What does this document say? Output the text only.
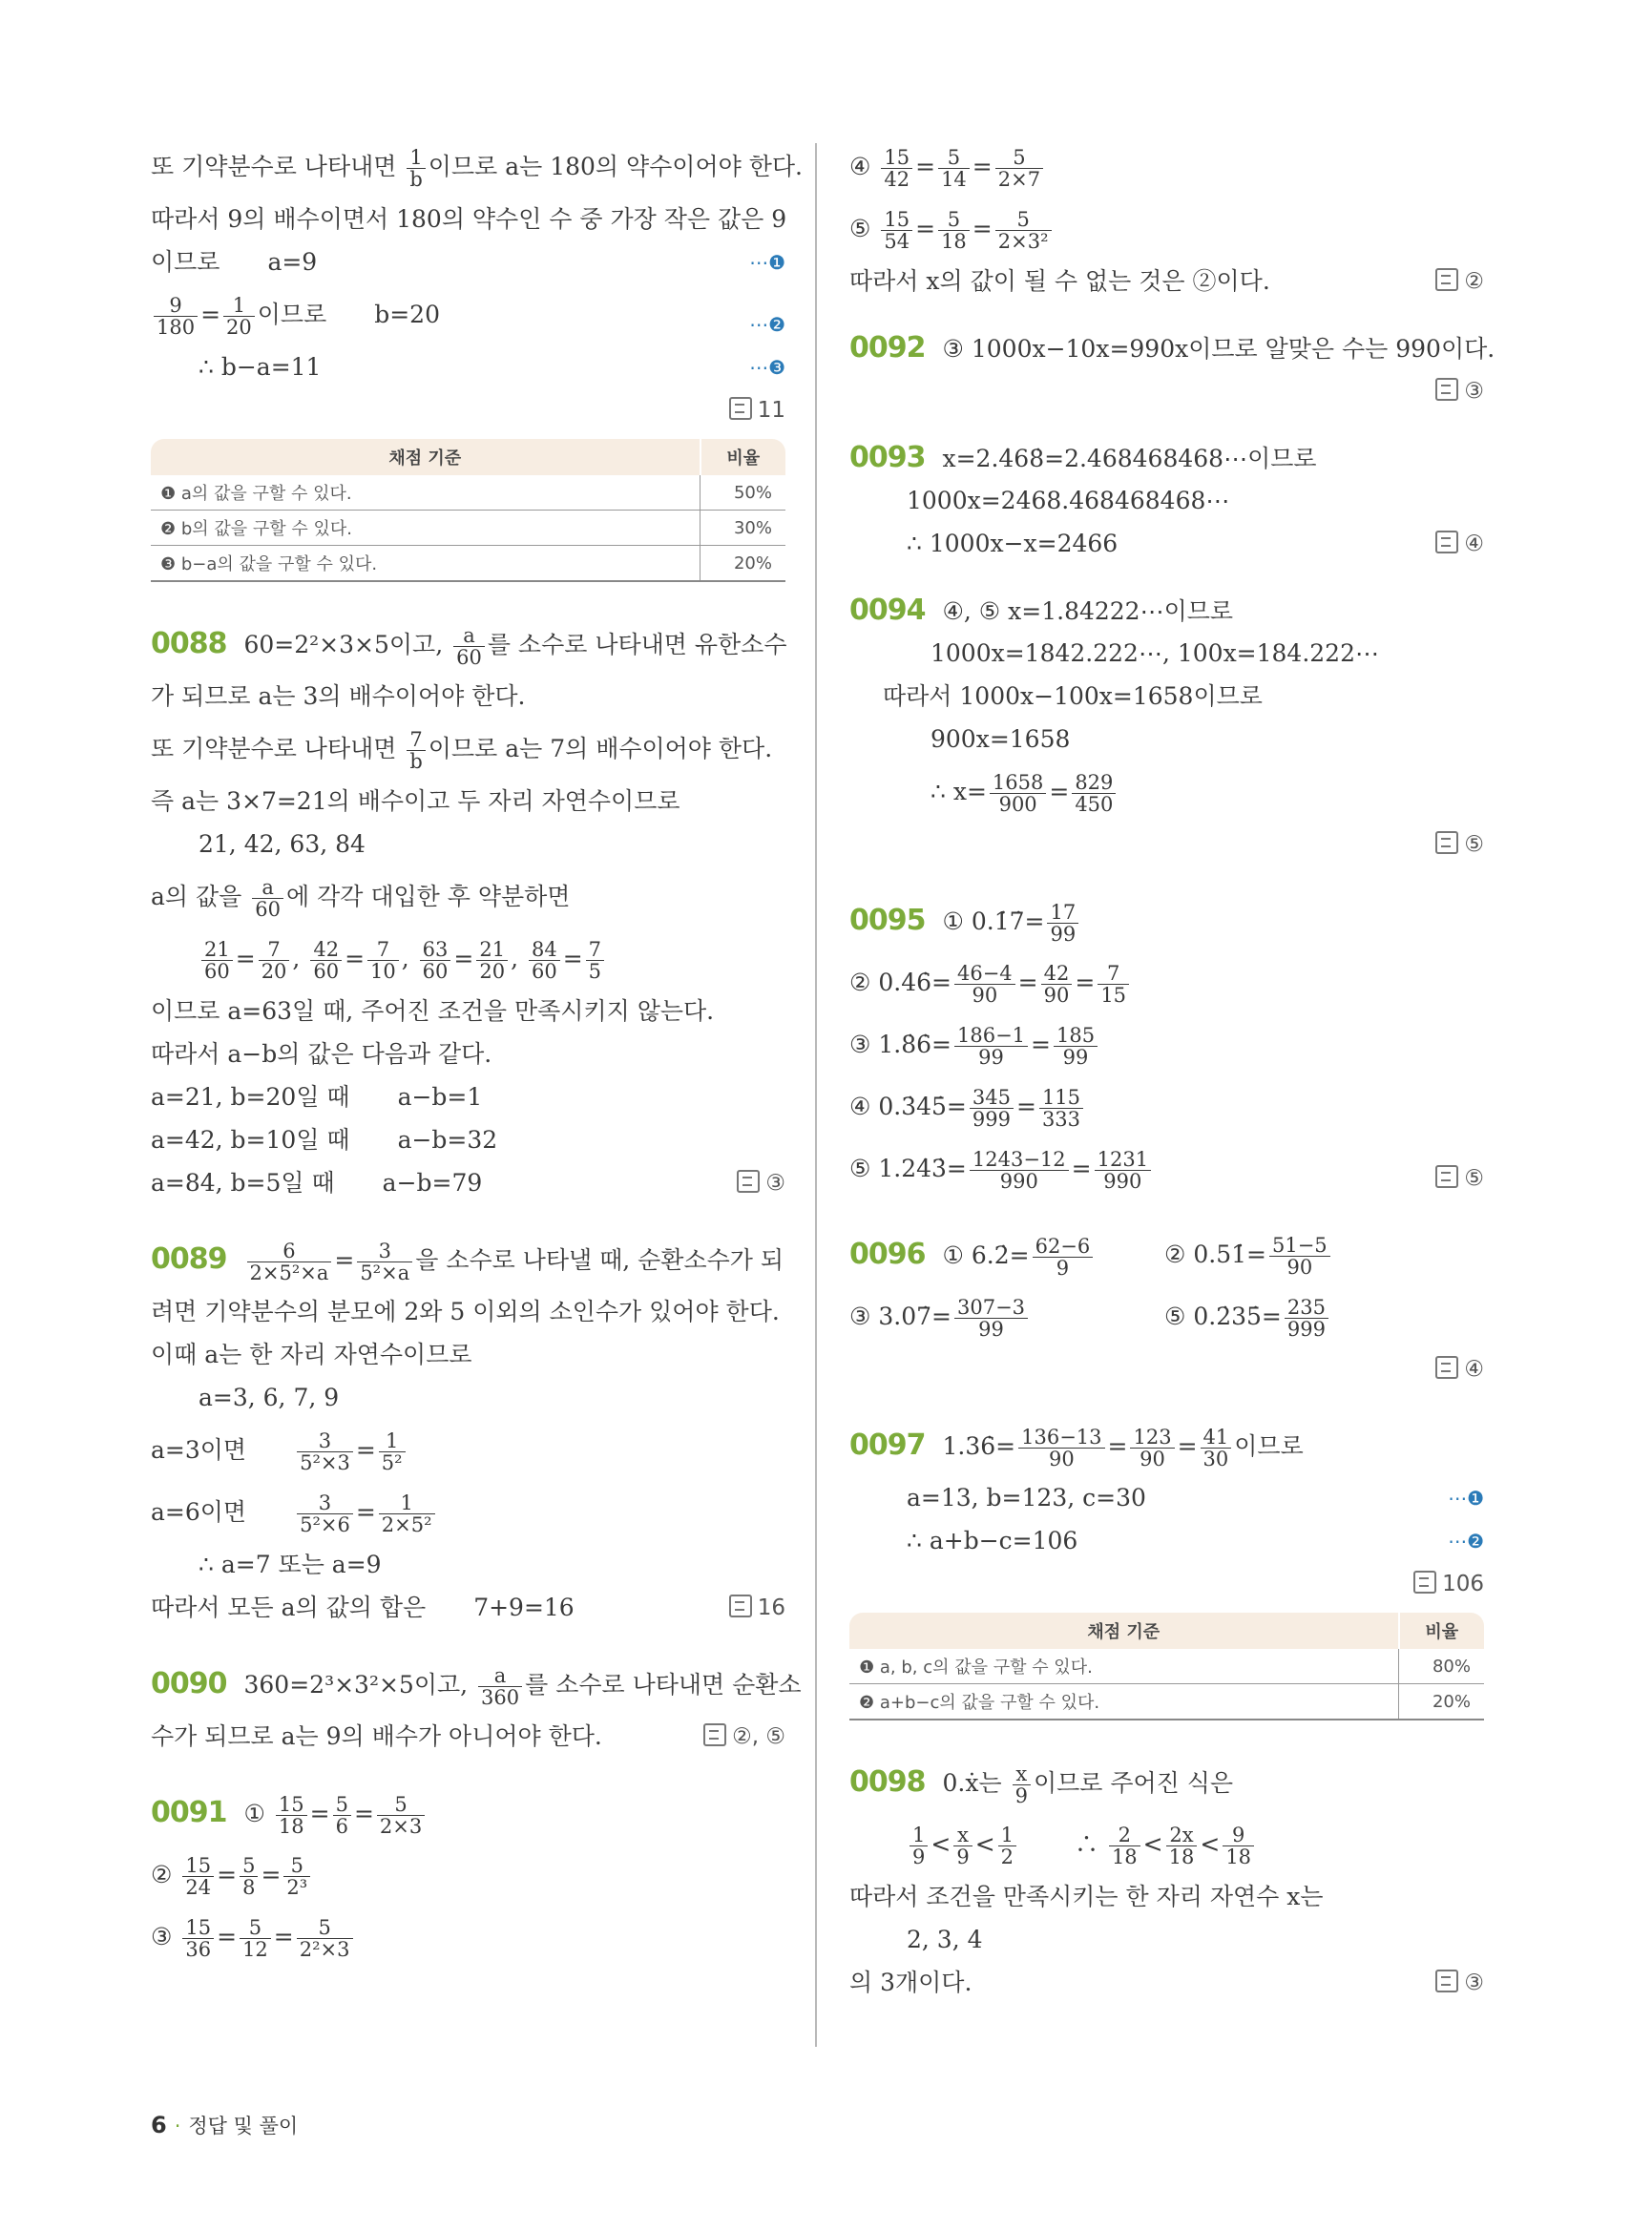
또 기약분수로 나타내면 $\frac{1}{b}$ 이므로 a는 180의 약수이어야 한다.
따라서 9의 배수이면서 180의 약수인 수 중 가장 작은 값은 9
이므로　　a=9	⋯❶
$\frac{9}{180} = \frac{1}{20}$ 이므로　　b=20	⋯❷
∴ b−a=11	⋯❸
11
채점 기준	비율
❶ a의 값을 구할 수 있다.	50%
❷ b의 값을 구할 수 있다.	30%
❸ b−a의 값을 구할 수 있다.	20%
0088 60=2²×3×5이고, $\frac{a}{60}$ 를 소수로 나타내면 유한소수
가 되므로 a는 3의 배수이어야 한다.
또 기약분수로 나타내면 $\frac{7}{b}$ 이므로 a는 7의 배수이어야 한다.
즉 a는 3×7=21의 배수이고 두 자리 자연수이므로
21, 42, 63, 84
a의 값을 $\frac{a}{60}$ 에 각각 대입한 후 약분하면
$\frac{21}{60} = \frac{7}{20}$ , $\frac{42}{60} = \frac{7}{10}$ , $\frac{63}{60} = \frac{21}{20}$ , $\frac{84}{60} = \frac{7}{5}$
이므로 a=63일 때, 주어진 조건을 만족시키지 않는다.
따라서 a−b의 값은 다음과 같다.
a=21, b=20일 때　　a−b=1
a=42, b=10일 때　　a−b=32
a=84, b=5일 때　　a−b=79	③
$0089 \frac{6}{\text{2×5²×a}} = \frac{3}{\text{5²×a}}$ 을 소수로 나타낼 때, 순환소수가 되
려면 기약분수의 분모에 2와 5 이외의 소인수가 있어야 한다.
이때 a는 한 자리 자연수이므로
a=3, 6, 7, 9
a=3이면　　	$\frac{3}{\text{5²×3}} = \frac{1}{\text{5²}}$
a=6이면　　	$\frac{3}{\text{5²×6}} = \frac{1}{\text{2×5²}}$
∴ a=7 또는 a=9
따라서 모든 a의 값의 합은　　7+9=16	16
0090 360=2³×3²×5이고, $\frac{a}{360}$ 를 소수로 나타내면 순환소
수가 되므로 a는 9의 배수가 아니어야 한다.	②, ⑤
0091 ① $\frac{15}{18} = \frac{5}{6} = \frac{5}{2\times 3}$
② $\frac{15}{24} = \frac{5}{8} = \frac{5}{\text{2³}}$
③ $\frac{15}{36} = \frac{5}{12} = \frac{5}{\text{2²×3}}$
④ $\frac{15}{42} = \frac{5}{14} = \frac{5}{2\times 7}$
⑤ $\frac{15}{54} = \frac{5}{18} = \frac{5}{\text{2×3²}}$
따라서 x의 값이 될 수 없는 것은 ②이다.	②
0092 ③ 1000x−10x=990x이므로 알맞은 수는 990이다.
③
0093 x=2.4̇68̇=2.468468468⋯이므로
1000x=2468.468468468⋯
∴ 1000x−x=2466	④
0094 ④, ⑤ x=1.84222⋯이므로
1000x=1842.222⋯, 100x=184.222⋯
따라서 1000x−100x=1658이므로
900x=1658
∴ $x= \frac{1658}{900} = \frac{829}{450}$
⑤
0095 ① 0.1̇7̇= $\frac{17}{99}$
② 0.46̇= $\frac{46-4}{90} = \frac{42}{90} = \frac{7}{15}$
③ 1.8̇6̇= $\frac{186-1}{99} = \frac{185}{99}$
④ 0.3̇45̇= $\frac{345}{999} = \frac{115}{333}$
⑤ 1.24̇3̇= $\frac{1243-12}{990} = \frac{1231}{990}$	⑤
0096 ① 6.2̇= $\frac{62-6}{9}$	② 0.51̇= $\frac{51-5}{90}$
③ 3.07̇= $\frac{307-3}{99}$	⑤ 0.2̇35̇= $\frac{235}{999}$
④
0097 1.36̇= $\frac{136-13}{90} = \frac{123}{90} = \frac{41}{30}$ 이므로
a=13, b=123, c=30	⋯❶
∴ a+b−c=106	⋯❷
106
채점 기준	비율
❶ a, b, c의 값을 구할 수 있다.	80%
❷ a+b−c의 값을 구할 수 있다.	20%
0098 0.ẋ는 $\frac{x}{9}$ 이므로 주어진 식은
$\frac{1}{9} < \frac{x}{9} < \frac{1}{2}$ 　　∴ $\frac{2}{18} < \frac{2x}{18} < \frac{9}{18}$
따라서 조건을 만족시키는 한 자리 자연수 x는
2, 3, 4
의 3개이다.	③
6 · 정답 및 풀이
